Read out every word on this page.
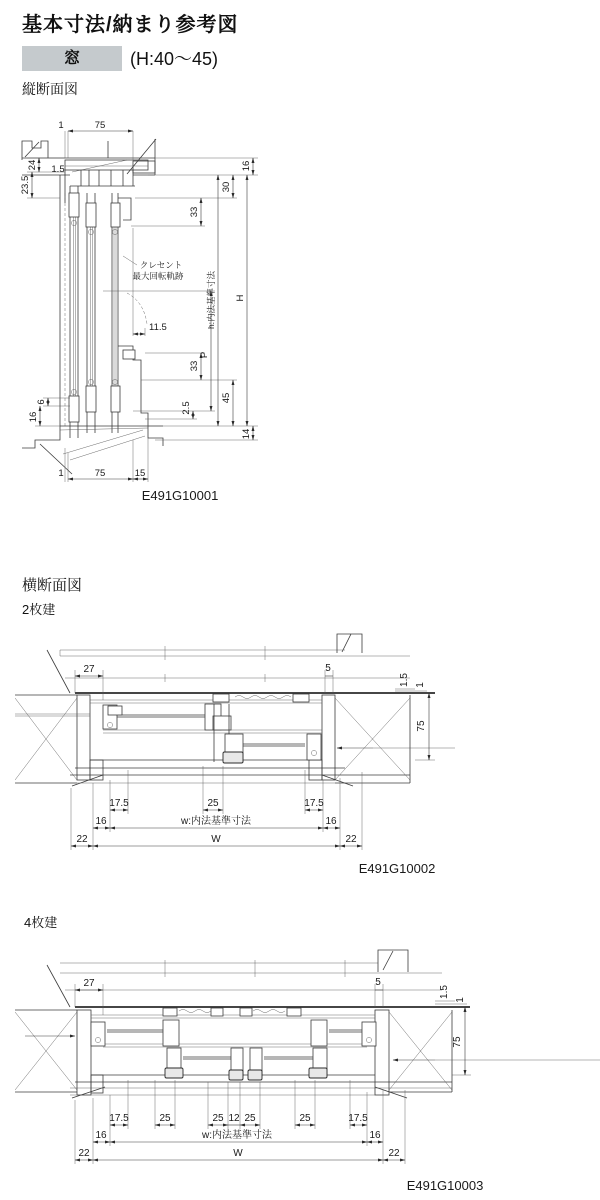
基本寸法/納まり参考図
窓	(H:40〜45)
縦断面図
クレセント
最大回転軌跡
1	75
24
23.5
1.5	16
30
33
h:内法基準寸法 H
P
33
2.5
45
14
11.5
6
16
1	75	15
E491G10001
横断面図
2枚建
27	5
1.5 1
75
17.5	25	17.5
16	w:内法基準寸法	16
22	W	22
E491G10002
4枚建
27	5
1.5
1
75
17.5	25	25 12 25	25	17.5
16	w:内法基準寸法	16
22	W	22
E491G10003
